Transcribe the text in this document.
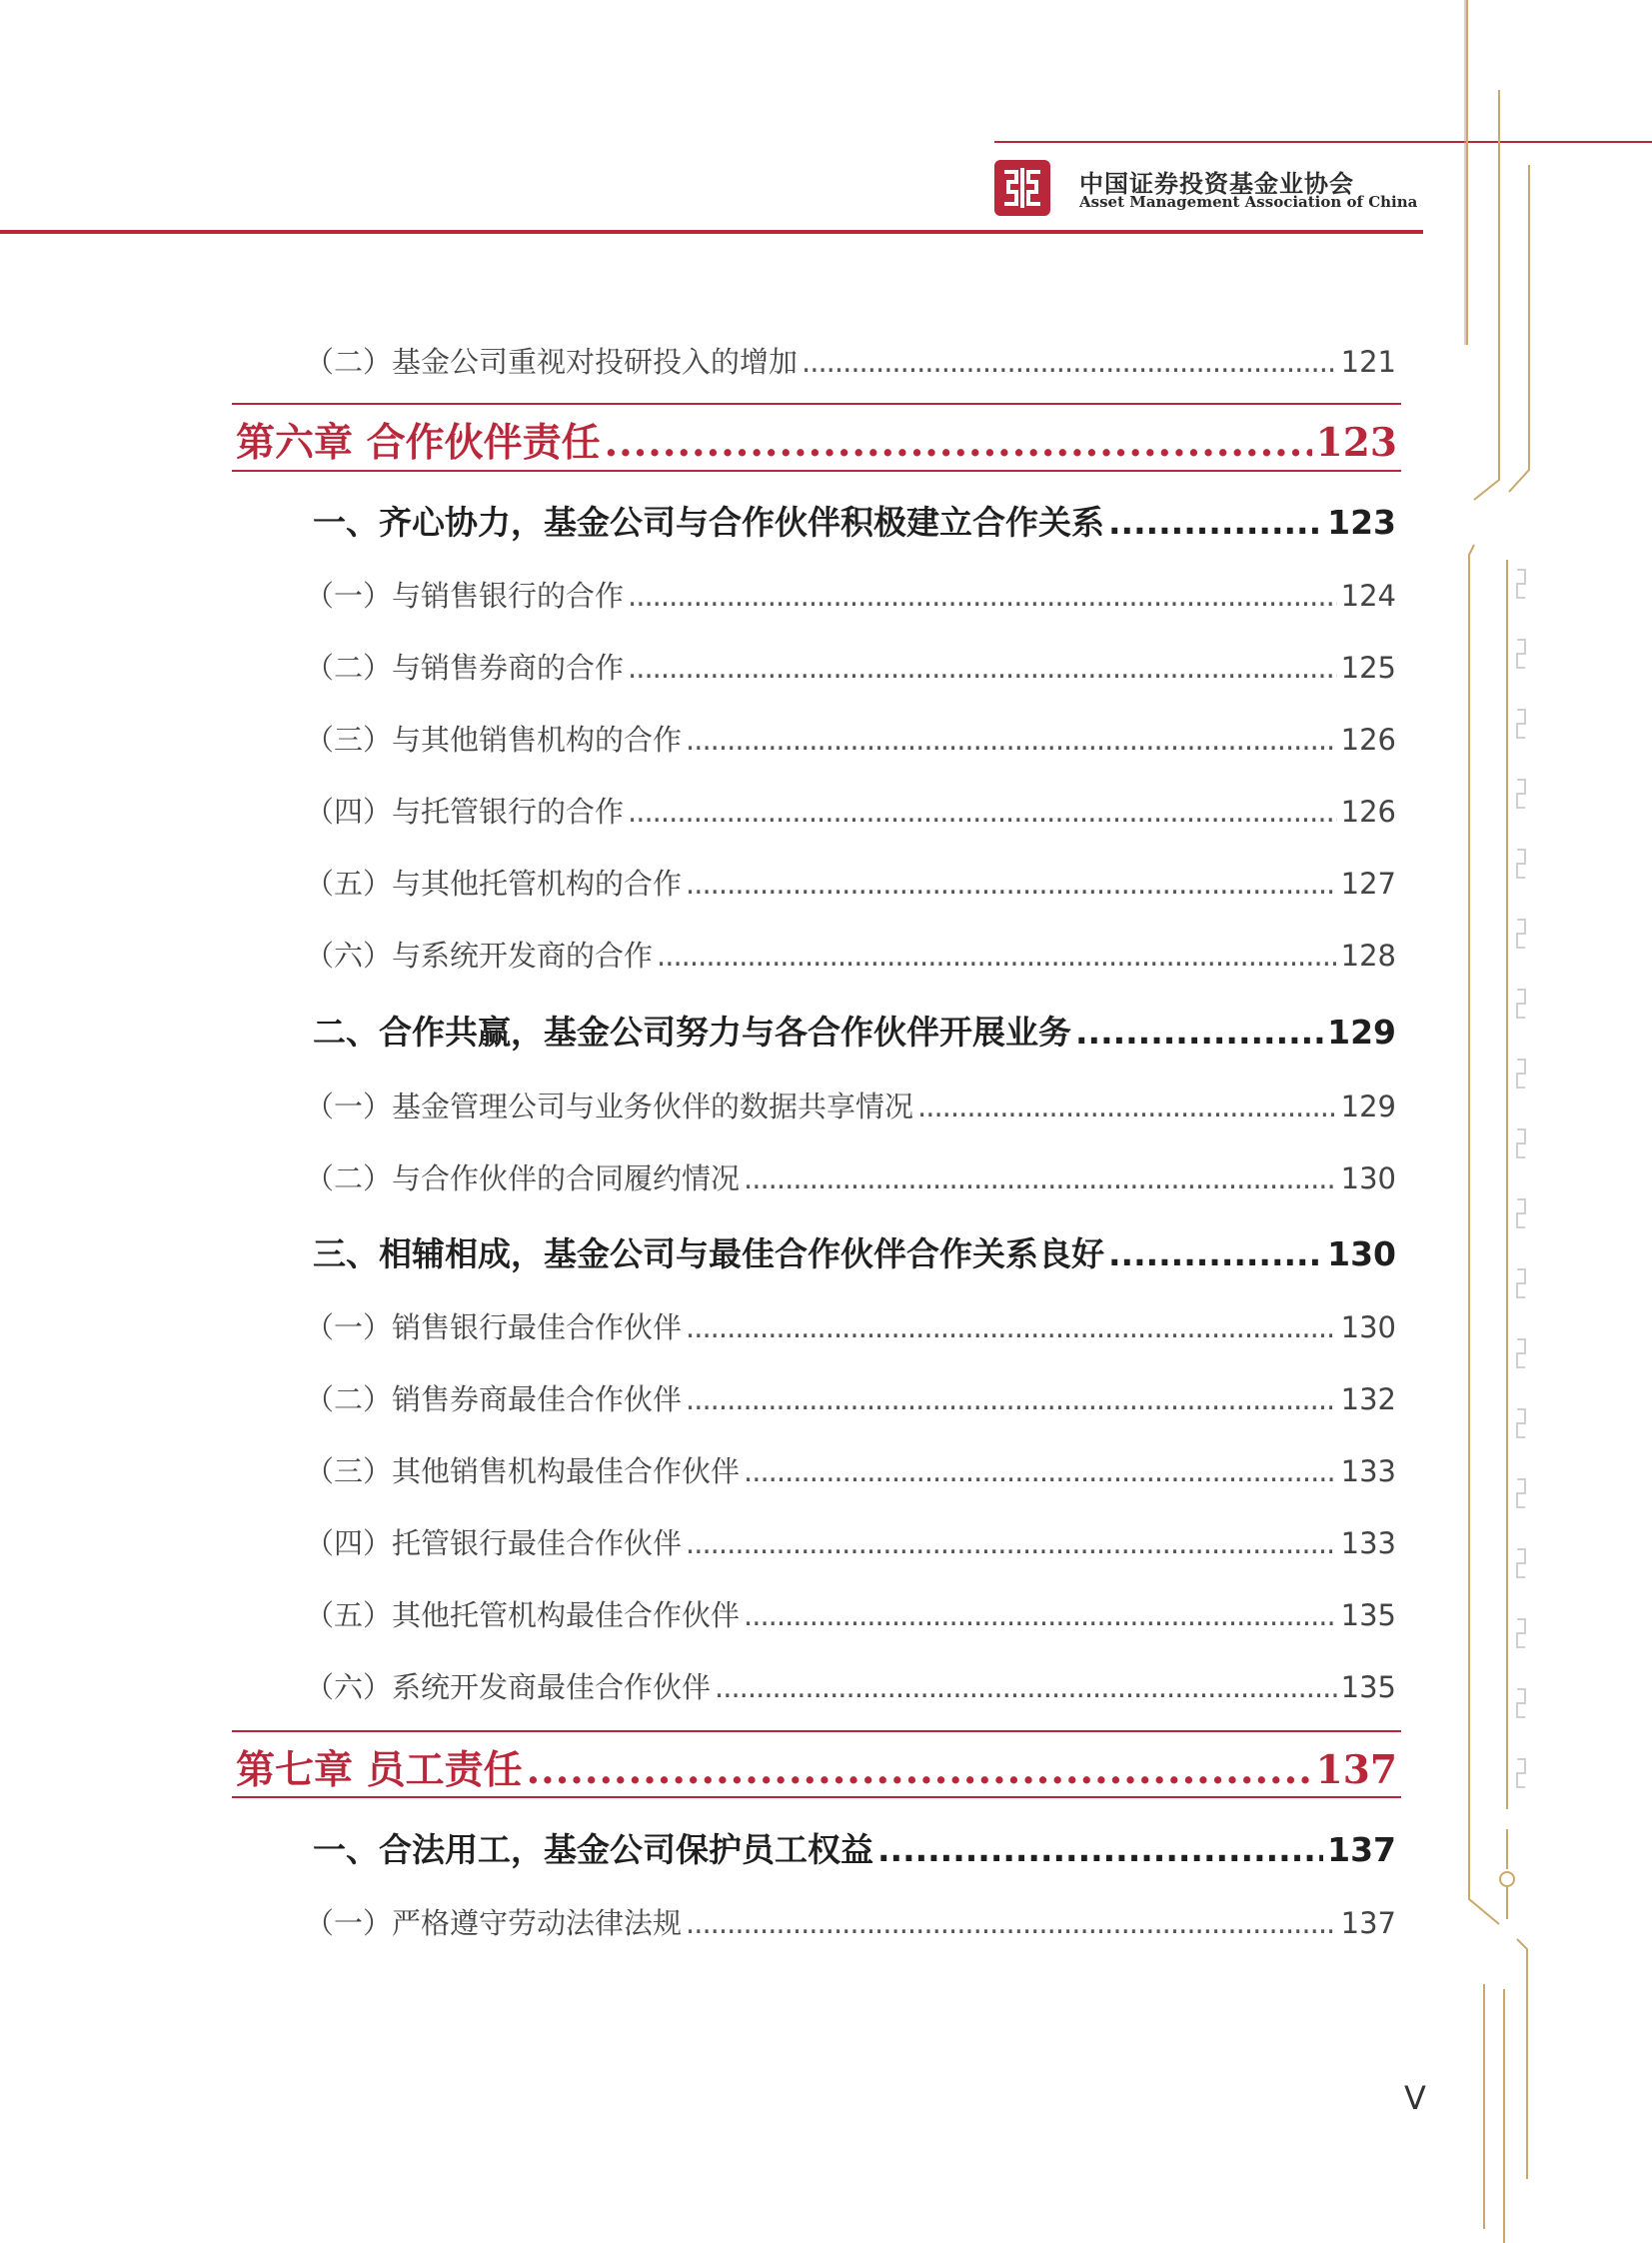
中国证券投资基金业协会
Asset Management Association of China
（二）基金公司重视对投研投入的增加 .....	121
第六章 合作伙伴责任 .....	123
一、齐心协力，基金公司与合作伙伴积极建立合作关系 .....	123
（一）与销售银行的合作 .....	124
（二）与销售券商的合作 .....	125
（三）与其他销售机构的合作 .....	126
（四）与托管银行的合作 .....	126
（五）与其他托管机构的合作 .....	127
（六）与系统开发商的合作 .....	128
二、合作共赢，基金公司努力与各合作伙伴开展业务 .....	129
（一）基金管理公司与业务伙伴的数据共享情况 .....	129
（二）与合作伙伴的合同履约情况 .....	130
三、相辅相成，基金公司与最佳合作伙伴合作关系良好 .....	130
（一）销售银行最佳合作伙伴 .....	130
（二）销售券商最佳合作伙伴 .....	132
（三）其他销售机构最佳合作伙伴 .....	133
（四）托管银行最佳合作伙伴 .....	133
（五）其他托管机构最佳合作伙伴 .....	135
（六）系统开发商最佳合作伙伴 .....	135
第七章 员工责任 .....	137
一、合法用工，基金公司保护员工权益 .....	137
（一）严格遵守劳动法律法规 .....	137
V
